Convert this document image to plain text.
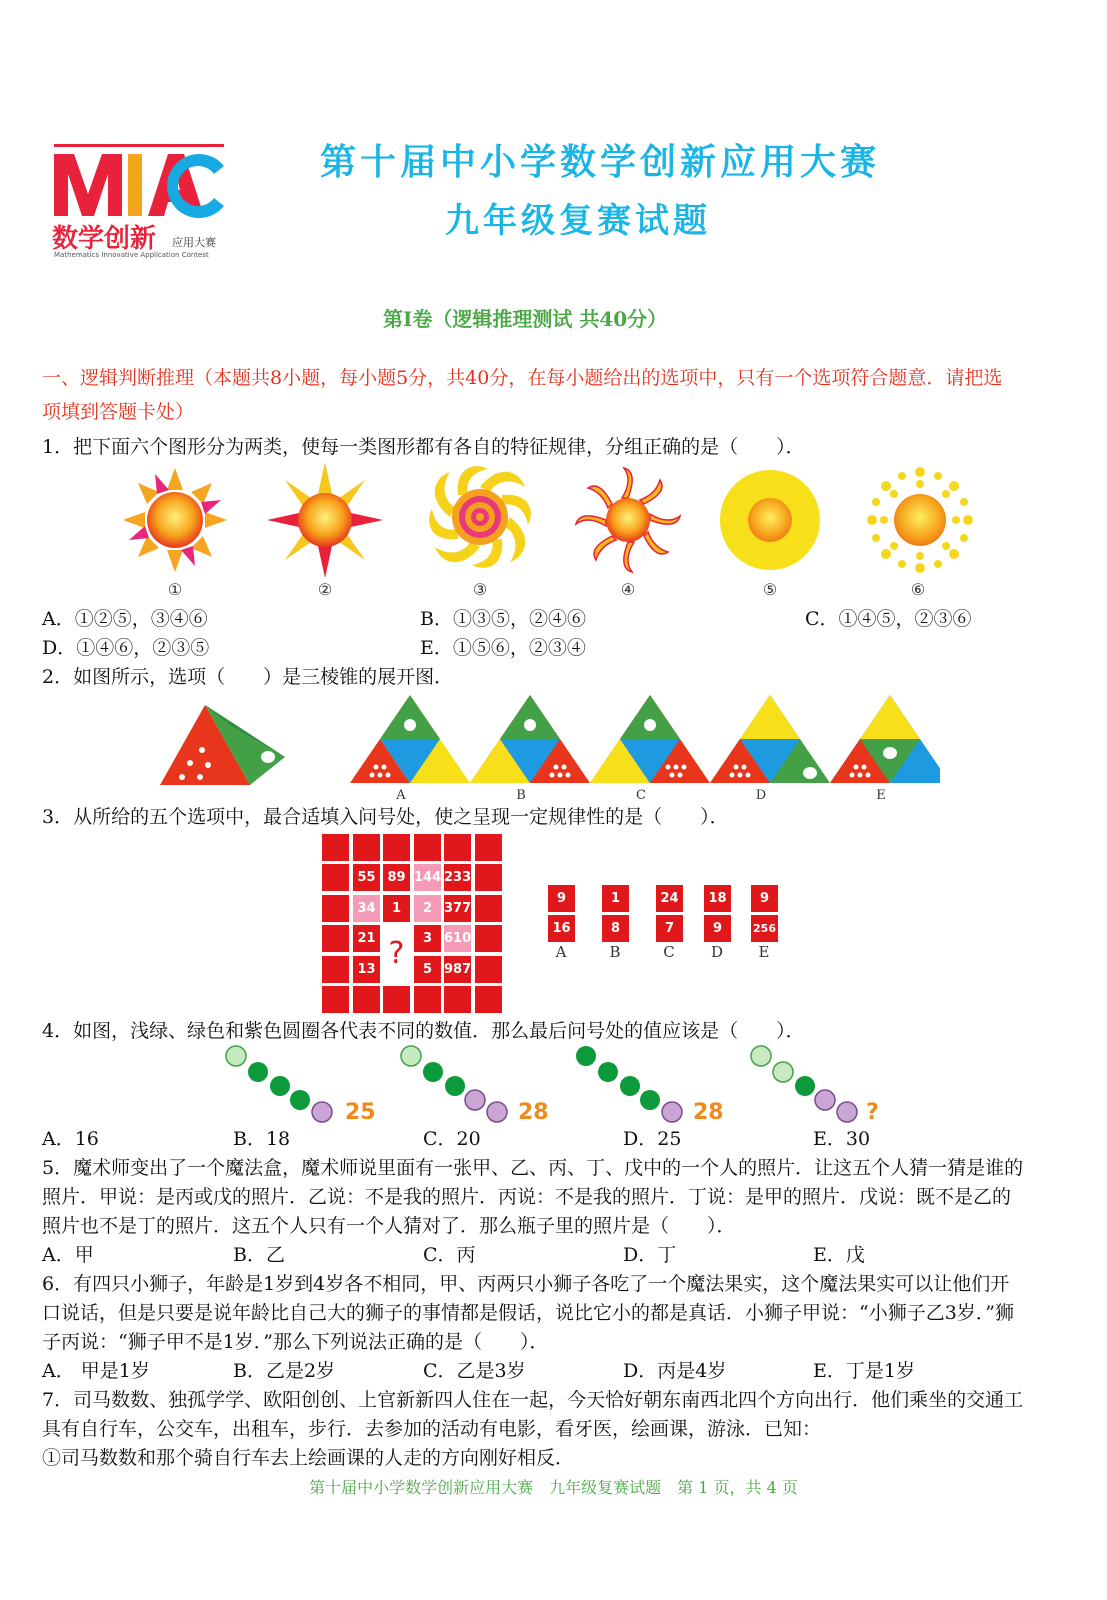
数学创新 应用大赛
Mathematics Innovative Application Contest
第十届中小学数学创新应用大赛
九年级复赛试题
第Ⅰ卷（逻辑推理测试 共40分）
一、逻辑判断推理（本题共8小题，每小题5分，共40分，在每小题给出的选项中，只有一个选项符合题意．请把选
项填到答题卡处）
1．把下面六个图形分为两类，使每一类图形都有各自的特征规律，分组正确的是（　　）．
①	②	③	④	⑤	⑥
A．①②⑤，③④⑥	B．①③⑤，②④⑥	C．①④⑤，②③⑥
D．①④⑥，②③⑤	E．①⑤⑥，②③④
2．如图所示，选项（　　）是三棱锥的展开图．
A	B	C	D	E
3．从所给的五个选项中，最合适填入问号处，使之呈现一定规律性的是（　　）．
55 89 144 233
34	1	2 377
21 ?	3 610
13	5 987
9
16
1
8
24
7
18
9
9
256
A	B	C	D	E
4．如图，浅绿、绿色和紫色圆圈各代表不同的数值．那么最后问号处的值应该是（　　）．
25	28	28	?
A．16	B．18	C．20	D．25	E．30
5．魔术师变出了一个魔法盒，魔术师说里面有一张甲、乙、丙、丁、戊中的一个人的照片．让这五个人猜一猜是谁的
照片．甲说：是丙或戊的照片．乙说：不是我的照片．丙说：不是我的照片．丁说：是甲的照片．戊说：既不是乙的
照片也不是丁的照片．这五个人只有一个人猜对了．那么瓶子里的照片是（　　）．
A．甲	B．乙	C．丙	D．丁	E．戊
6．有四只小狮子，年龄是1岁到4岁各不相同，甲、丙两只小狮子各吃了一个魔法果实，这个魔法果实可以让他们开
口说话，但是只要是说年龄比自己大的狮子的事情都是假话，说比它小的都是真话．小狮子甲说：“小狮子乙3岁．”狮
子丙说：“狮子甲不是1岁．”那么下列说法正确的是（　　）．
A． 甲是1岁	B．乙是2岁	C．乙是3岁	D．丙是4岁	E．丁是1岁
7．司马数数、独孤学学、欧阳创创、上官新新四人住在一起，今天恰好朝东南西北四个方向出行．他们乘坐的交通工
具有自行车，公交车，出租车，步行．去参加的活动有电影，看牙医，绘画课，游泳．已知：
①司马数数和那个骑自行车去上绘画课的人走的方向刚好相反．
第十届中小学数学创新应用大赛　九年级复赛试题　第 1 页，共 4 页
